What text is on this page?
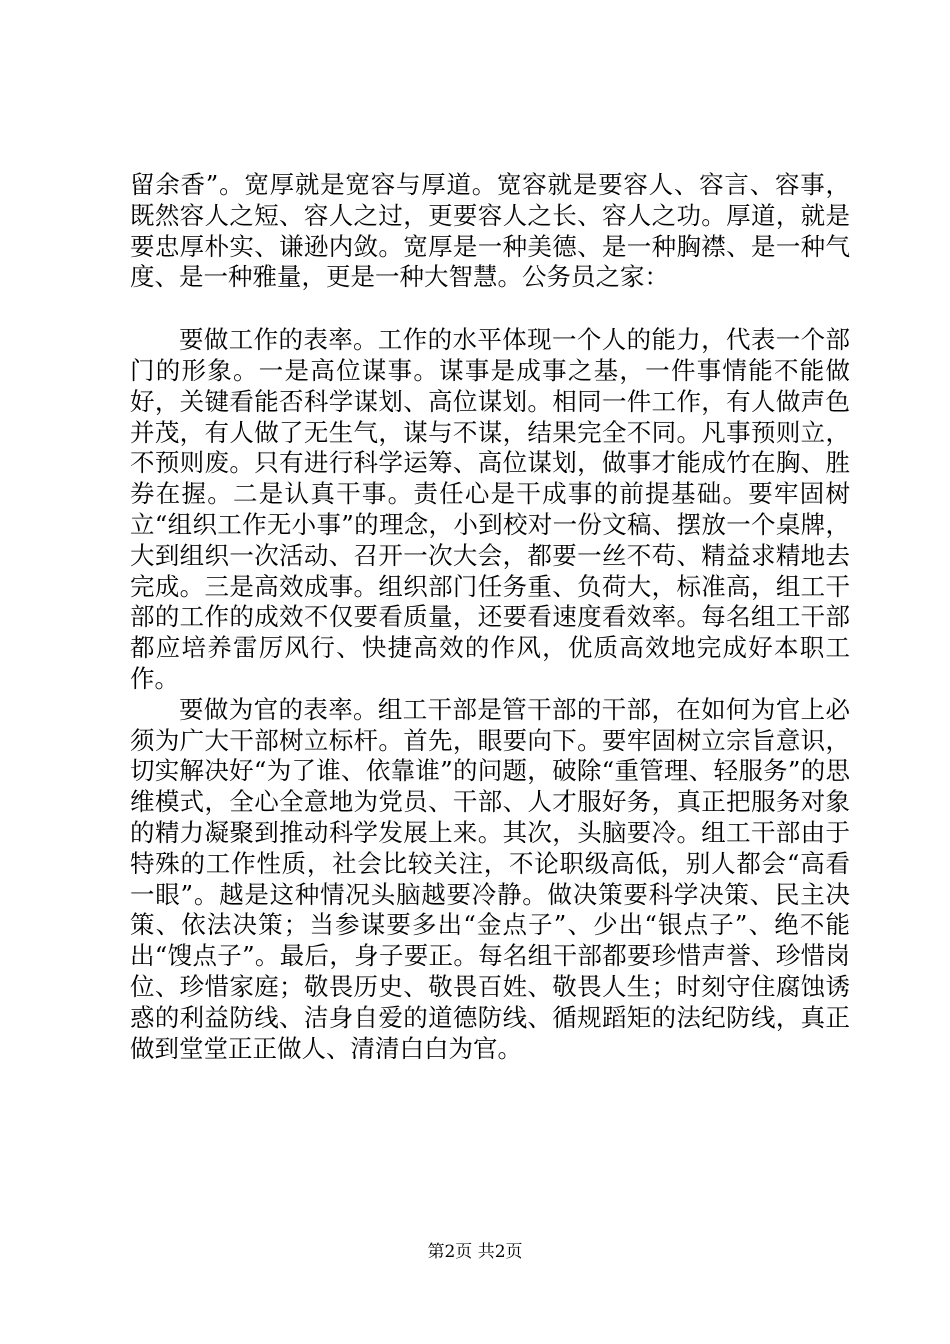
留余香”。宽厚就是宽容与厚道。宽容就是要容人、容言、容事，既然容人之短、容人之过，更要容人之长、容人之功。厚道，就是要忠厚朴实、谦逊内敛。宽厚是一种美德、是一种胸襟、是一种气度、是一种雅量，更是一种大智慧。公务员之家：

要做工作的表率。工作的水平体现一个人的能力，代表一个部门的形象。一是高位谋事。谋事是成事之基，一件事情能不能做好，关键看能否科学谋划、高位谋划。相同一件工作，有人做声色并茂，有人做了无生气，谋与不谋，结果完全不同。凡事预则立，不预则废。只有进行科学运筹、高位谋划，做事才能成竹在胸、胜券在握。二是认真干事。责任心是干成事的前提基础。要牢固树立“组织工作无小事”的理念，小到校对一份文稿、摆放一个桌牌，大到组织一次活动、召开一次大会，都要一丝不苟、精益求精地去完成。三是高效成事。组织部门任务重、负荷大，标准高，组工干部的工作的成效不仅要看质量，还要看速度看效率。每名组工干部都应培养雷厉风行、快捷高效的作风，优质高效地完成好本职工作。

要做为官的表率。组工干部是管干部的干部，在如何为官上必须为广大干部树立标杆。首先，眼要向下。要牢固树立宗旨意识，切实解决好“为了谁、依靠谁”的问题，破除“重管理、轻服务”的思维模式，全心全意地为党员、干部、人才服好务，真正把服务对象的精力凝聚到推动科学发展上来。其次，头脑要冷。组工干部由于特殊的工作性质，社会比较关注，不论职级高低，别人都会“高看一眼”。越是这种情况头脑越要冷静。做决策要科学决策、民主决策、依法决策；当参谋要多出“金点子”、少出“银点子”、绝不能出“馊点子”。最后，身子要正。每名组干部都要珍惜声誉、珍惜岗位、珍惜家庭；敬畏历史、敬畏百姓、敬畏人生；时刻守住腐蚀诱惑的利益防线、洁身自爱的道德防线、循规蹈矩的法纪防线，真正做到堂堂正正做人、清清白白为官。

第2页 共2页
